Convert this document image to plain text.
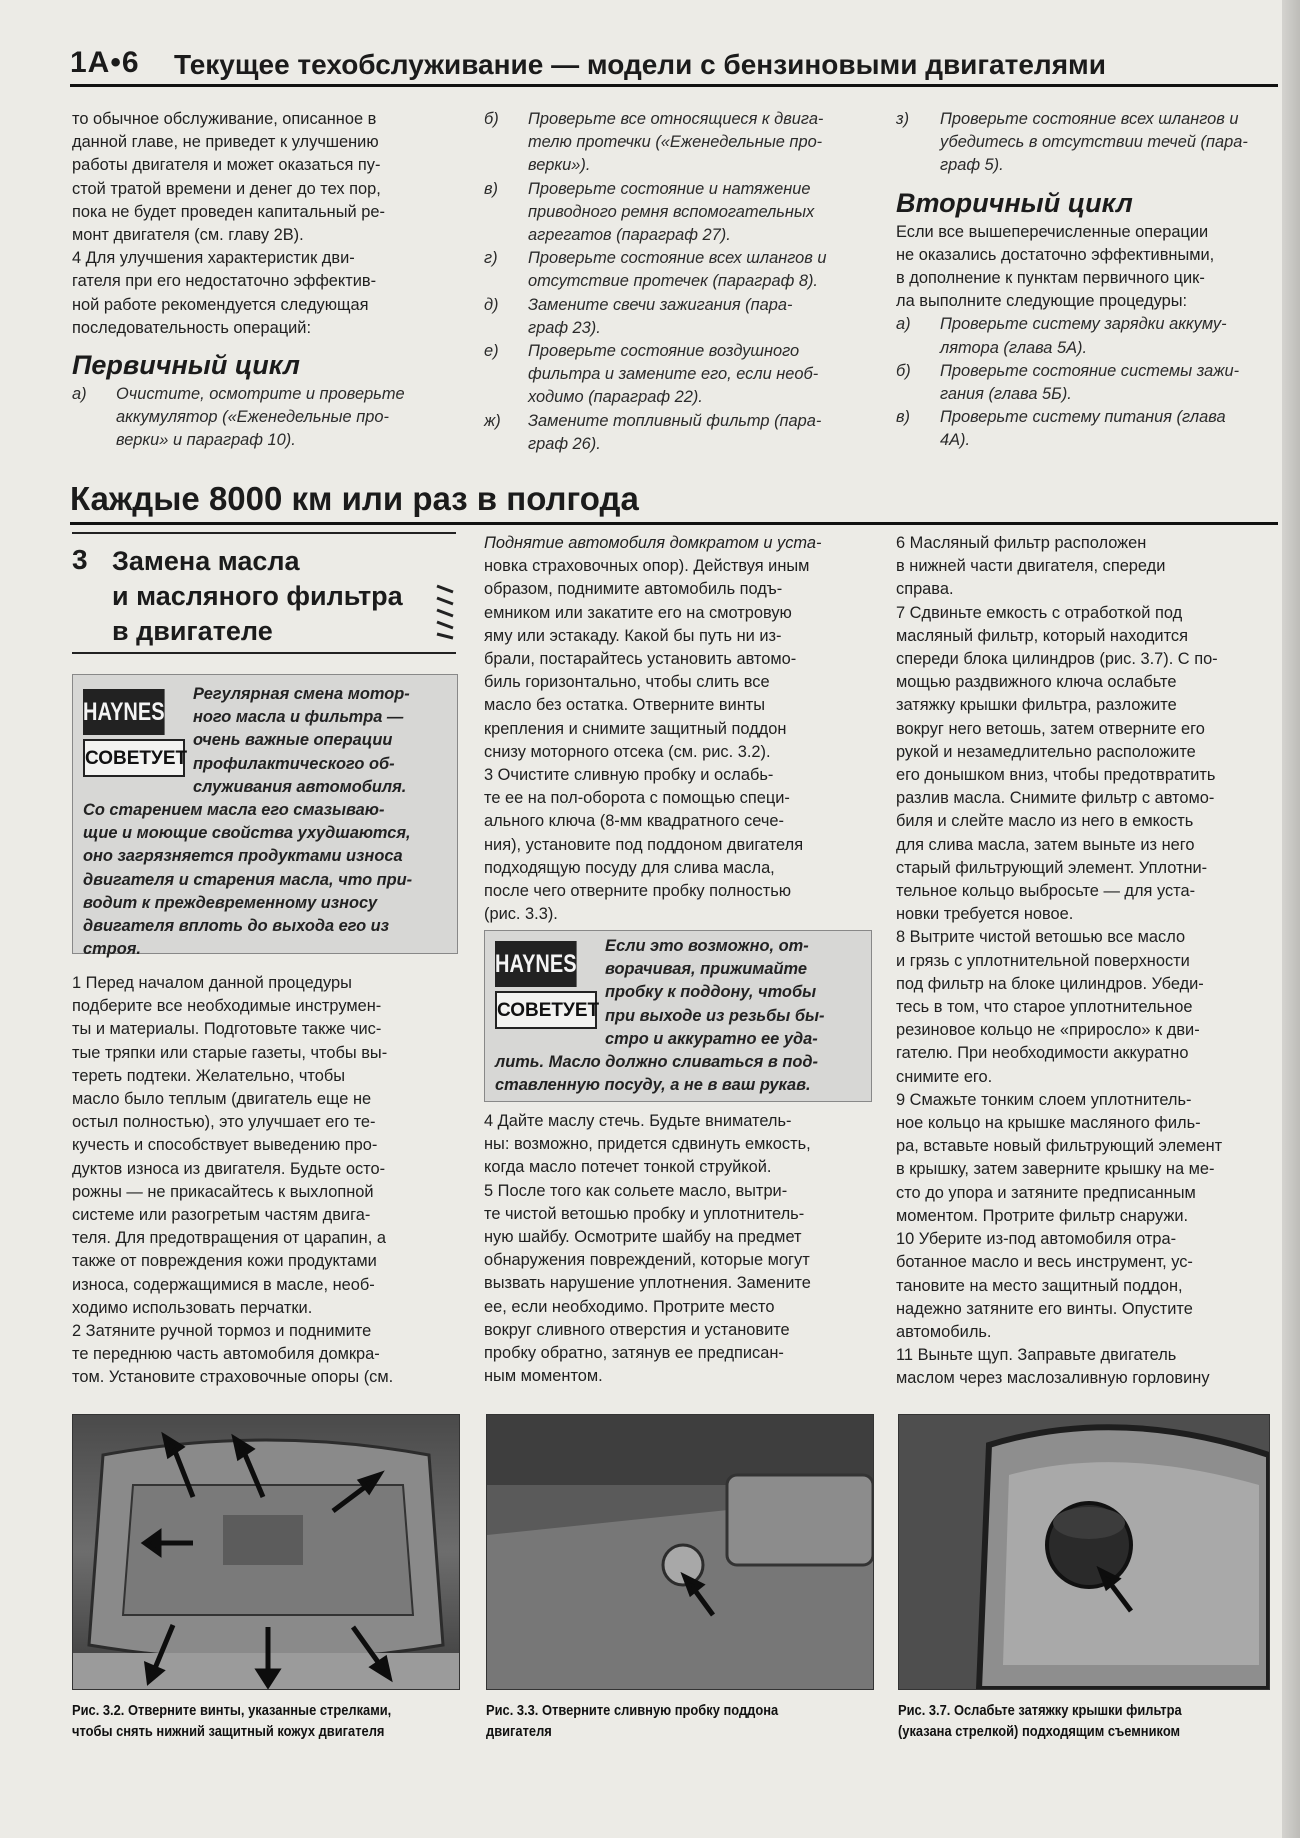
1A•6 Текущее техобслуживание — модели с бензиновыми двигателями

то обычное обслуживание, описанное в

данной главе, не приведет к улучшению

работы двигателя и может оказаться пу-

стой тратой времени и денег до тех пор,

пока не будет проведен капитальный ре-

монт двигателя (см. главу 2B).

4 Для улучшения характеристик дви-

гателя при его недостаточно эффектив-

ной работе рекомендуется следующая

последовательность операций:

Первичный цикл
а) Очистите, осмотрите и проверьте
аккумулятор («Еженедельные про-
верки» и параграф 10).
б) Проверьте все относящиеся к двига-
телю протечки («Еженедельные про-
верки»).
в) Проверьте состояние и натяжение
приводного ремня вспомогательных
агрегатов (параграф 27).
г) Проверьте состояние всех шлангов и
отсутствие протечек (параграф 8).
д) Замените свечи зажигания (пара-
граф 23).
е) Проверьте состояние воздушного
фильтра и замените его, если необ-
ходимо (параграф 22).
ж) Замените топливный фильтр (пара-
граф 26).
з) Проверьте состояние всех шлангов и
убедитесь в отсутствии течей (пара-
граф 5).
Вторичный цикл

Если все вышеперечисленные операции

не оказались достаточно эффективными,

в дополнение к пунктам первичного цик-

ла выполните следующие процедуры:

а) Проверьте систему зарядки аккуму-
лятора (глава 5A).
б) Проверьте состояние системы зажи-
гания (глава 5Б).
в) Проверьте систему питания (глава
4A).
Каждые 8000 км или раз в полгода
3 Замена масла
и масляного фильтра
в двигателе
HAYNES
СОВЕТУЕТ
Регулярная смена мотор-
ного масла и фильтра —
очень важные операции
профилактического об-
служивания автомобиля.
Со старением масла его смазываю-
щие и моющие свойства ухудшаются,
оно загрязняется продуктами износа
двигателя и старения масла, что при-
водит к преждевременному износу
двигателя вплоть до выхода его из
строя.

1 Перед началом данной процедуры

подберите все необходимые инструмен-

ты и материалы. Подготовьте также чис-

тые тряпки или старые газеты, чтобы вы-

тереть подтеки. Желательно, чтобы

масло было теплым (двигатель еще не

остыл полностью), это улучшает его те-

кучесть и способствует выведению про-

дуктов износа из двигателя. Будьте осто-

рожны — не прикасайтесь к выхлопной

системе или разогретым частям двига-

теля. Для предотвращения от царапин, а

также от повреждения кожи продуктами

износа, содержащимися в масле, необ-

ходимо использовать перчатки.

2 Затяните ручной тормоз и поднимите

те переднюю часть автомобиля домкра-

том. Установите страховочные опоры (см.

Поднятие автомобиля домкратом и уста-

новка страховочных опор). Действуя иным

образом, поднимите автомобиль подъ-

емником или закатите его на смотровую

яму или эстакаду. Какой бы путь ни из-

брали, постарайтесь установить автомо-

биль горизонтально, чтобы слить все

масло без остатка. Отверните винты

крепления и снимите защитный поддон

снизу моторного отсека (см. рис. 3.2).

3 Очистите сливную пробку и ослабь-

те ее на пол-оборота с помощью специ-

ального ключа (8-мм квадратного сече-

ния), установите под поддоном двигателя

подходящую посуду для слива масла,

после чего отверните пробку полностью

(рис. 3.3).

HAYNES
СОВЕТУЕТ
Если это возможно, от-
ворачивая, прижимайте
пробку к поддону, чтобы
при выходе из резьбы бы-
стро и аккуратно ее уда-
лить. Масло должно сливаться в под-
ставленную посуду, а не в ваш рукав.

4 Дайте маслу стечь. Будьте вниматель-

ны: возможно, придется сдвинуть емкость,

когда масло потечет тонкой струйкой.

5 После того как сольете масло, вытри-

те чистой ветошью пробку и уплотнитель-

ную шайбу. Осмотрите шайбу на предмет

обнаружения повреждений, которые могут

вызвать нарушение уплотнения. Замените

ее, если необходимо. Протрите место

вокруг сливного отверстия и установите

пробку обратно, затянув ее предписан-

ным моментом.

6 Масляный фильтр расположен

в нижней части двигателя, спереди

справа.

7 Сдвиньте емкость с отработкой под

масляный фильтр, который находится

спереди блока цилиндров (рис. 3.7). С по-

мощью раздвижного ключа ослабьте

затяжку крышки фильтра, разложите

вокруг него ветошь, затем отверните его

рукой и незамедлительно расположите

его донышком вниз, чтобы предотвратить

разлив масла. Снимите фильтр с автомо-

биля и слейте масло из него в емкость

для слива масла, затем выньте из него

старый фильтрующий элемент. Уплотни-

тельное кольцо выбросьте — для уста-

новки требуется новое.

8 Вытрите чистой ветошью все масло

и грязь с уплотнительной поверхности

под фильтр на блоке цилиндров. Убеди-

тесь в том, что старое уплотнительное

резиновое кольцо не «приросло» к дви-

гателю. При необходимости аккуратно

снимите его.

9 Смажьте тонким слоем уплотнитель-

ное кольцо на крышке масляного филь-

ра, вставьте новый фильтрующий элемент

в крышку, затем заверните крышку на ме-

сто до упора и затяните предписанным

моментом. Протрите фильтр снаружи.

10 Уберите из-под автомобиля отра-

ботанное масло и весь инструмент, ус-

тановите на место защитный поддон,

надежно затяните его винты. Опустите

автомобиль.

11 Выньте щуп. Заправьте двигатель

маслом через маслозаливную горловину

Рис. 3.2. Отверните винты, указанные стрелками,
чтобы снять нижний защитный кожух двигателя
Рис. 3.3. Отверните сливную пробку поддона
двигателя
Рис. 3.7. Ослабьте затяжку крышки фильтра
(указана стрелкой) подходящим съемником
